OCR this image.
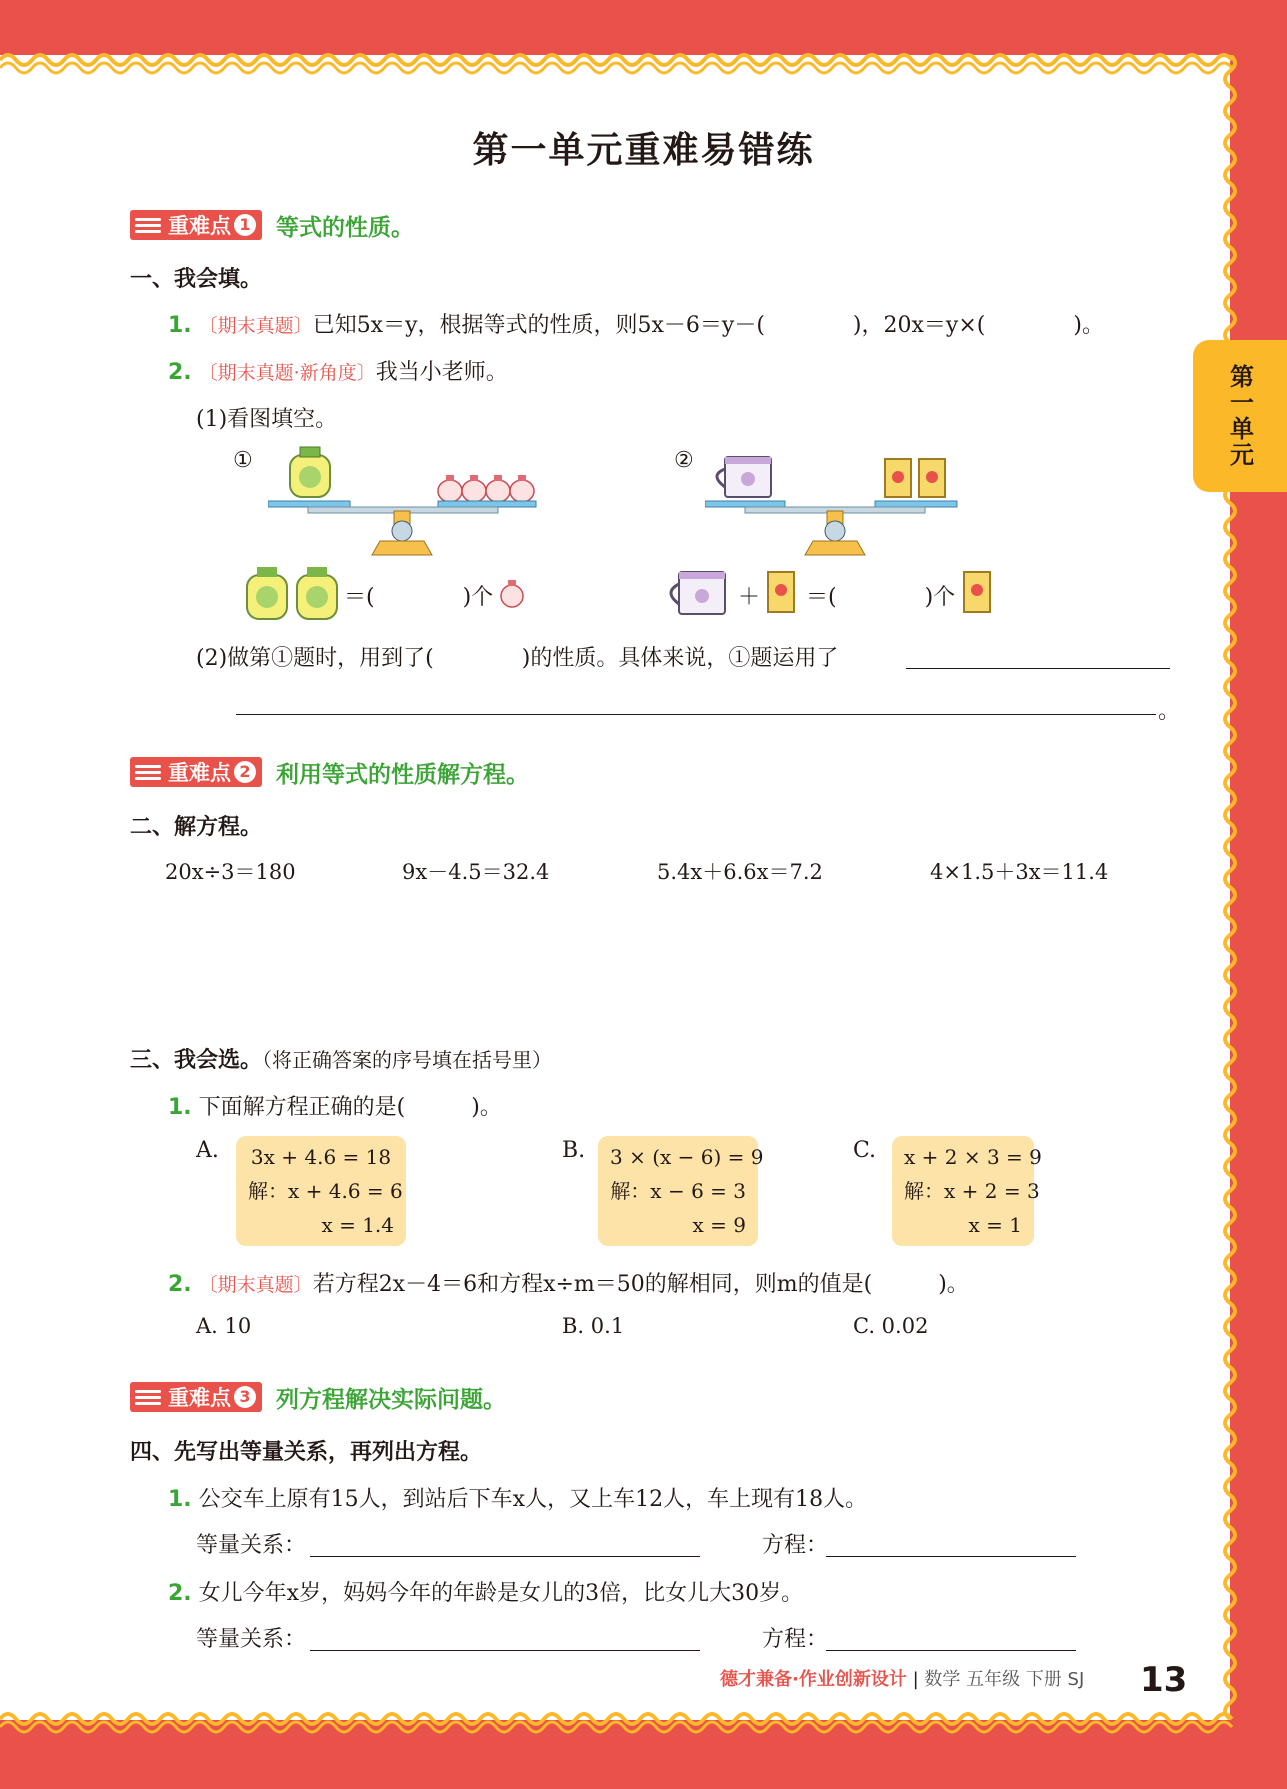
第一单元
第一单元重难易错练
重难点 1 等式的性质。
一、我会填。
1. 〔期末真题〕已知5x＝y，根据等式的性质，则5x－6＝y－(　　　　)，20x＝y×(　　　　)。
2. 〔期末真题·新角度〕我当小老师。
(1)看图填空。
①	②
＝(　　　　)个	＋ ＝(　　　　)个
(2)做第①题时，用到了(　　　　)的性质。具体来说，①题运用了
。
重难点 2 利用等式的性质解方程。
二、解方程。
20x÷3＝180	9x－4.5＝32.4	5.4x＋6.6x＝7.2	4×1.5＋3x＝11.4
三、我会选。（将正确答案的序号填在括号里）
1. 下面解方程正确的是(　　　)。
A. 3x + 4.6 = 18
解：x + 4.6 = 6
x = 1.4
B. 3 × (x − 6) = 9
解：x − 6 = 3
x = 9
C. x + 2 × 3 = 9
解：x + 2 = 3
x = 1
2. 〔期末真题〕若方程2x－4＝6和方程x÷m＝50的解相同，则m的值是(　　　)。
A. 10	B. 0.1	C. 0.02
重难点 3 列方程解决实际问题。
四、先写出等量关系，再列出方程。
1. 公交车上原有15人，到站后下车x人，又上车12人，车上现有18人。
等量关系：	方程：
2. 女儿今年x岁，妈妈今年的年龄是女儿的3倍，比女儿大30岁。
等量关系：	方程：
德才兼备·作业创新设计 | 数学 五年级 下册 SJ 13
